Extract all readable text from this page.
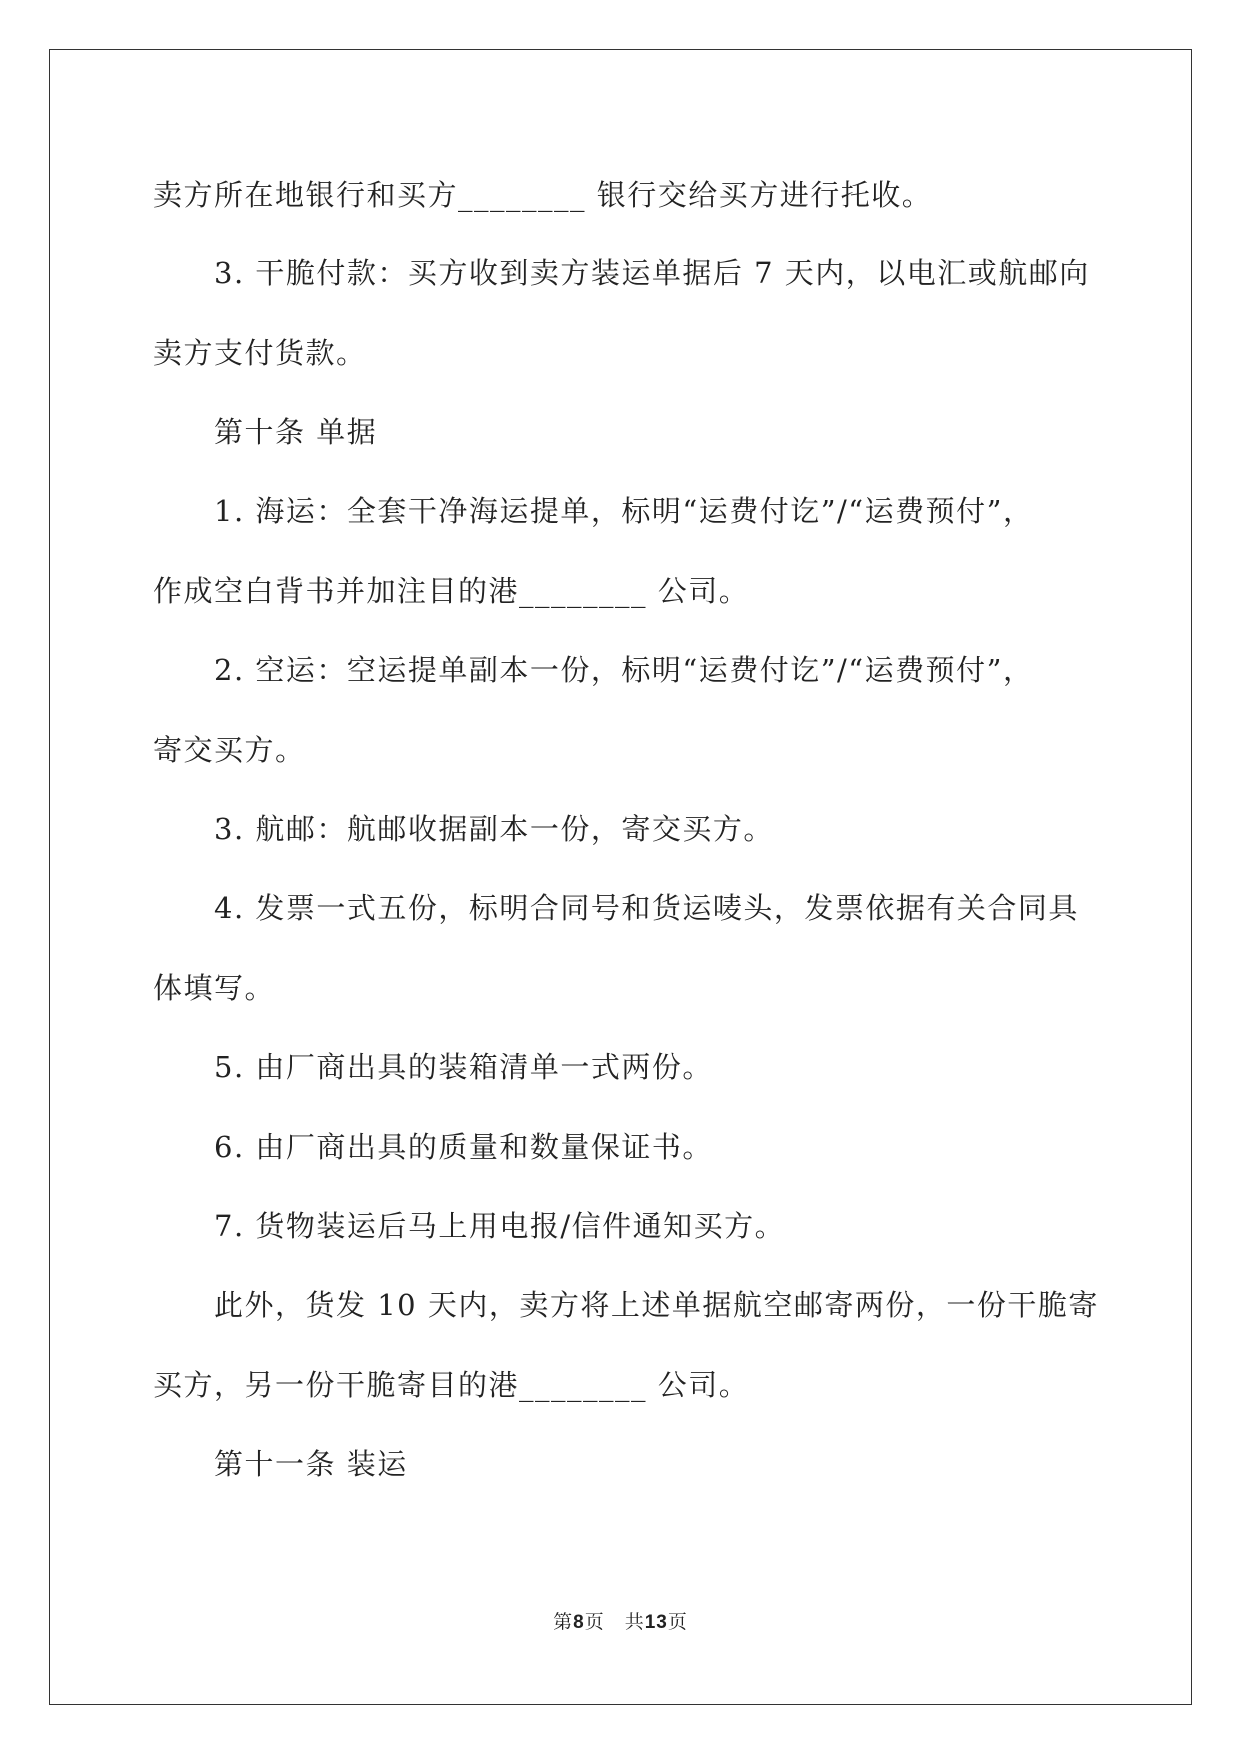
卖方所在地银行和买方________ 银行交给买方进行托收。
3. 干脆付款：买方收到卖方装运单据后 7 天内，以电汇或航邮向
卖方支付货款。
第十条 单据
1. 海运：全套干净海运提单，标明“运费付讫”/“运费预付”，
作成空白背书并加注目的港________ 公司。
2. 空运：空运提单副本一份，标明“运费付讫”/“运费预付”，
寄交买方。
3. 航邮：航邮收据副本一份，寄交买方。
4. 发票一式五份，标明合同号和货运唛头，发票依据有关合同具
体填写。
5. 由厂商出具的装箱清单一式两份。
6. 由厂商出具的质量和数量保证书。
7. 货物装运后马上用电报/信件通知买方。
此外，货发 10 天内，卖方将上述单据航空邮寄两份，一份干脆寄
买方，另一份干脆寄目的港________ 公司。
第十一条 装运
第8页　共13页
